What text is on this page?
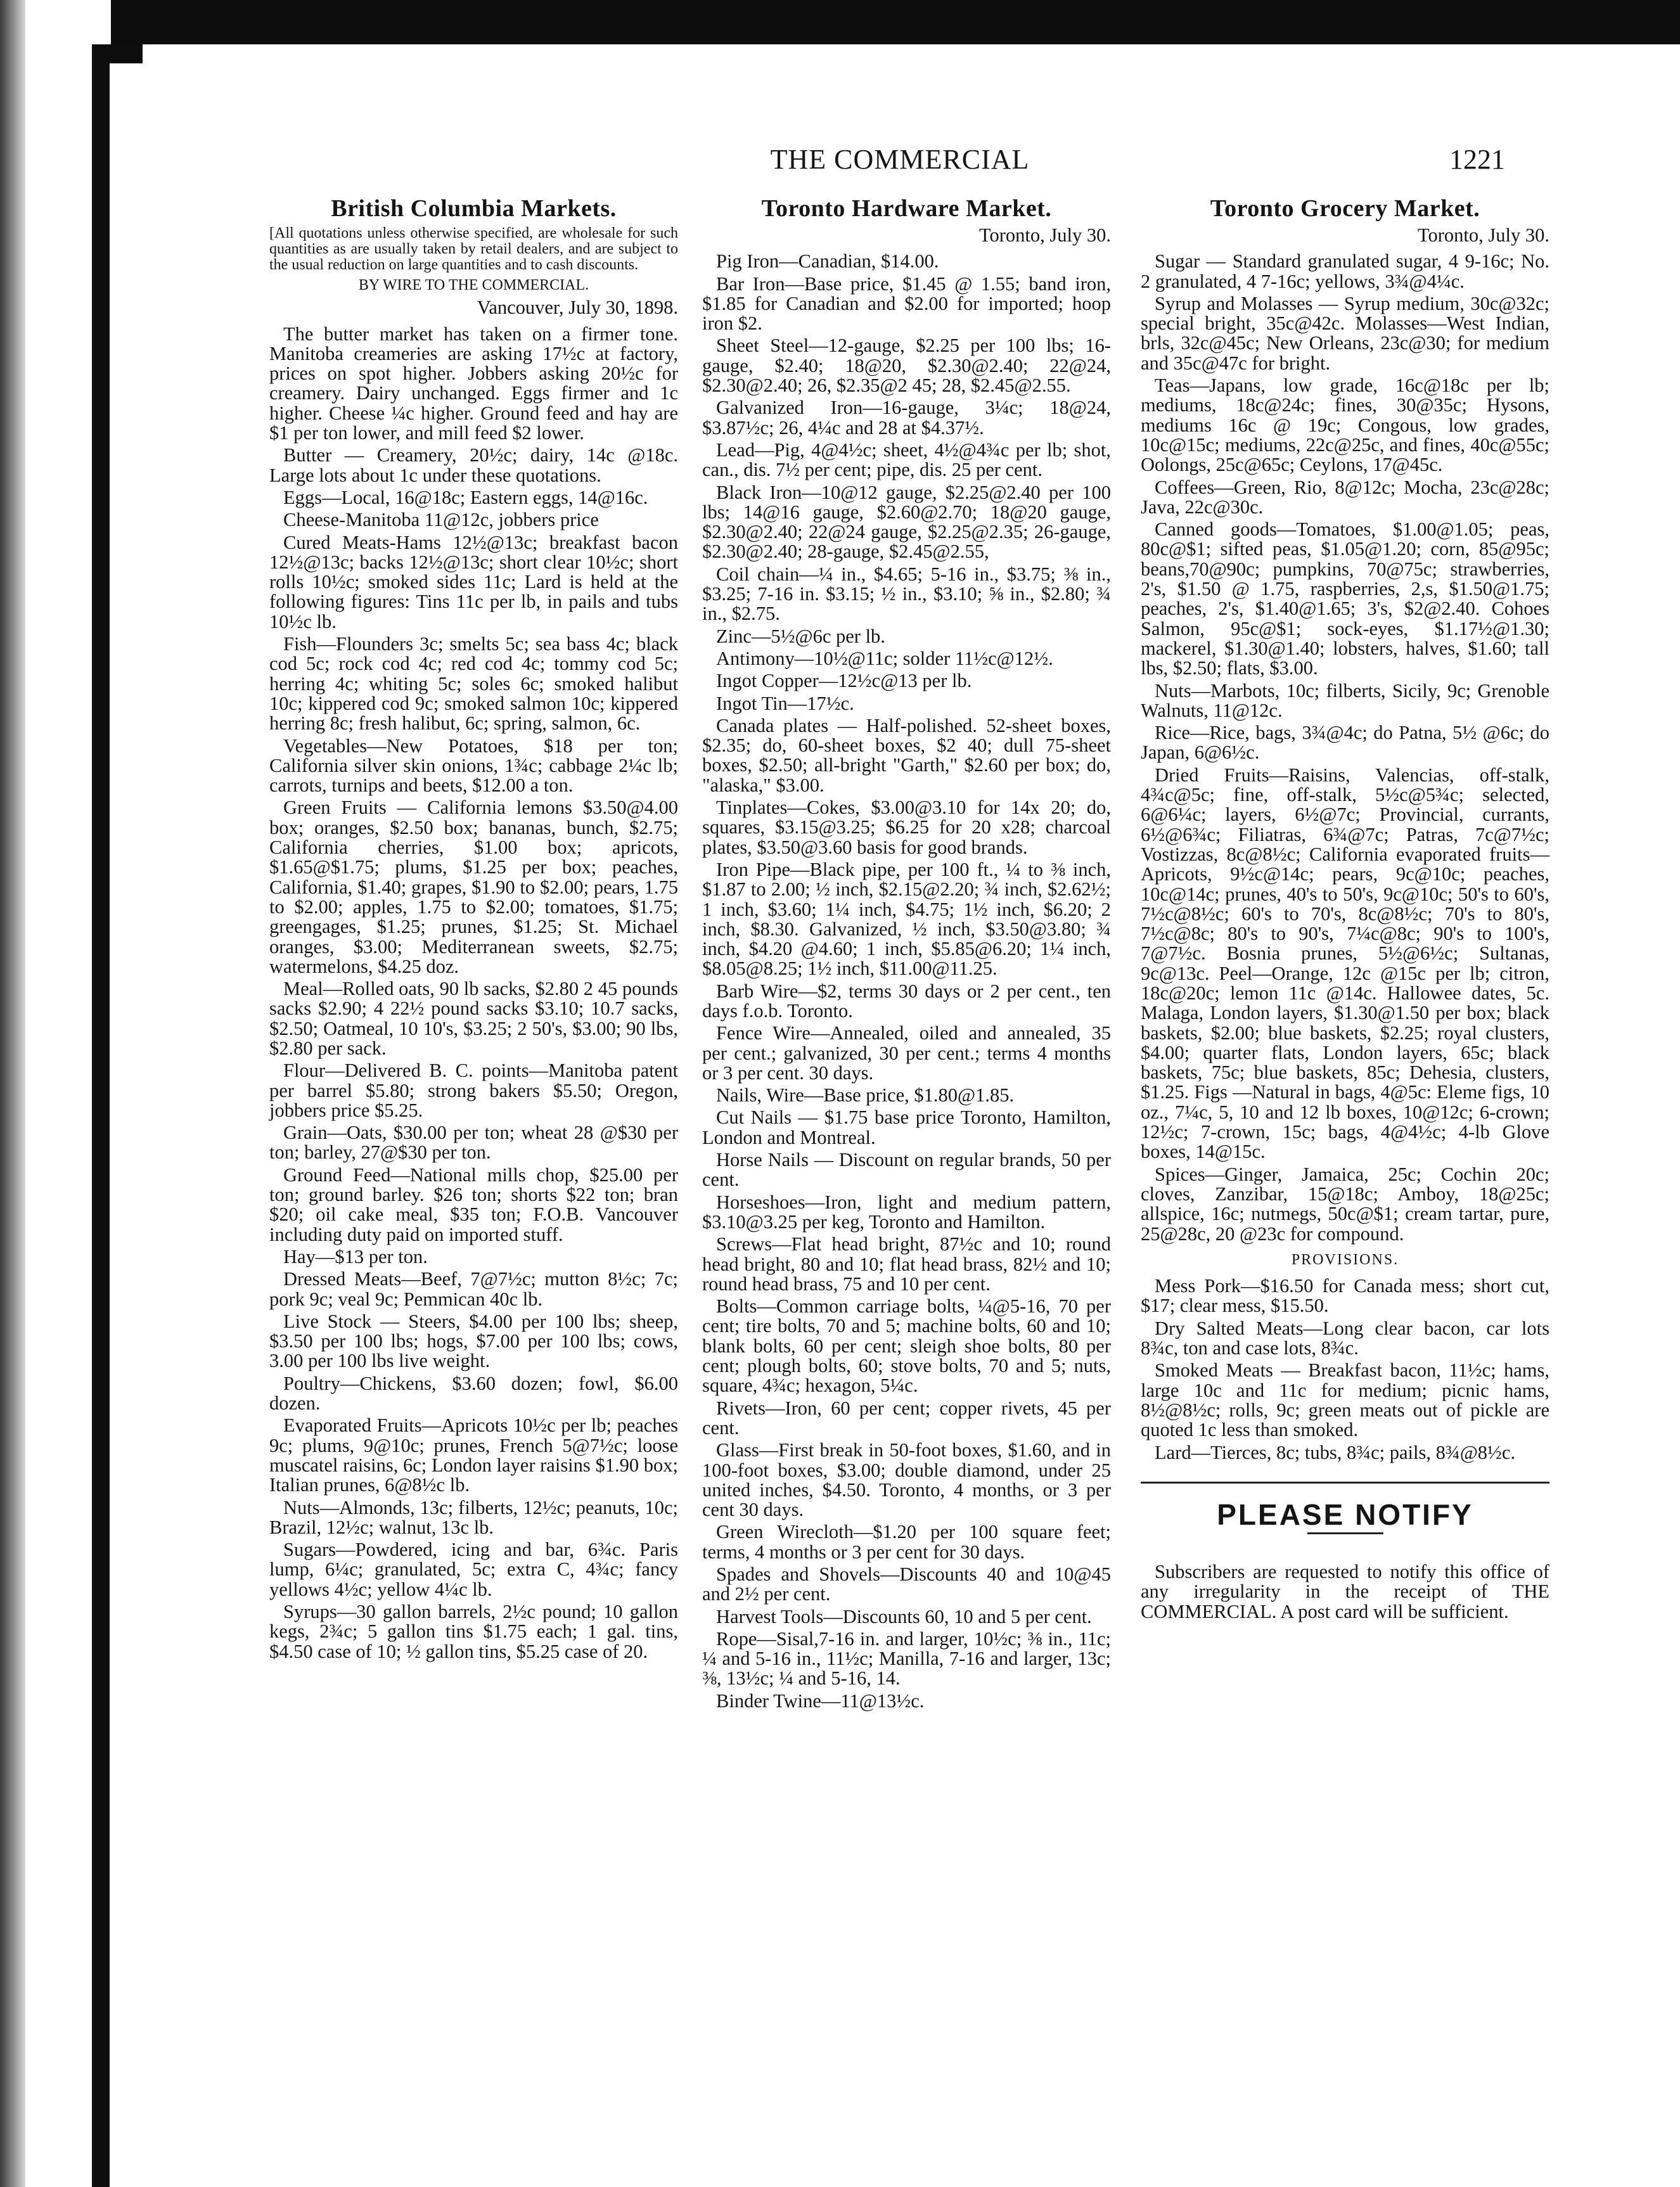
THE COMMERCIAL	1221
British Columbia Markets.

[All quotations unless otherwise specified, are wholesale for such quantities as are usually taken by retail dealers, and are subject to the usual reduction on large quantities and to cash discounts.

BY WIRE TO THE COMMERCIAL.

Vancouver, July 30, 1898.

The butter market has taken on a firmer tone. Manitoba creameries are asking 17½c at factory, prices on spot higher. Jobbers asking 20½c for creamery. Dairy unchanged. Eggs firmer and 1c higher. Cheese ¼c higher. Ground feed and hay are $1 per ton lower, and mill feed $2 lower.

Butter — Creamery, 20½c; dairy, 14c @18c. Large lots about 1c under these quotations.

Eggs—Local, 16@18c; Eastern eggs, 14@16c.

Cheese-Manitoba 11@12c, jobbers price

Cured Meats-Hams 12½@13c; breakfast bacon 12½@13c; backs 12½@13c; short clear 10½c; short rolls 10½c; smoked sides 11c; Lard is held at the following figures: Tins 11c per lb, in pails and tubs 10½c lb.

Fish—Flounders 3c; smelts 5c; sea bass 4c; black cod 5c; rock cod 4c; red cod 4c; tommy cod 5c; herring 4c; whiting 5c; soles 6c; smoked halibut 10c; kippered cod 9c; smoked salmon 10c; kippered herring 8c; fresh halibut, 6c; spring, salmon, 6c.

Vegetables—New Potatoes, $18 per ton; California silver skin onions, 1¾c; cabbage 2¼c lb; carrots, turnips and beets, $12.00 a ton.

Green Fruits — California lemons $3.50@4.00 box; oranges, $2.50 box; bananas, bunch, $2.75; California cherries, $1.00 box; apricots, $1.65@$1.75; plums, $1.25 per box; peaches, California, $1.40; grapes, $1.90 to $2.00; pears, 1.75 to $2.00; apples, 1.75 to $2.00; tomatoes, $1.75; greengages, $1.25; prunes, $1.25; St. Michael oranges, $3.00; Mediterranean sweets, $2.75; watermelons, $4.25 doz.

Meal—Rolled oats, 90 lb sacks, $2.80 2 45 pounds sacks $2.90; 4 22½ pound sacks $3.10; 10.7 sacks, $2.50; Oatmeal, 10 10's, $3.25; 2 50's, $3.00; 90 lbs, $2.80 per sack.

Flour—Delivered B. C. points—Manitoba patent per barrel $5.80; strong bakers $5.50; Oregon, jobbers price $5.25.

Grain—Oats, $30.00 per ton; wheat 28 @$30 per ton; barley, 27@$30 per ton.

Ground Feed—National mills chop, $25.00 per ton; ground barley. $26 ton; shorts $22 ton; bran $20; oil cake meal, $35 ton; F.O.B. Vancouver including duty paid on imported stuff.

Hay—$13 per ton.

Dressed Meats—Beef, 7@7½c; mutton 8½c; 7c; pork 9c; veal 9c; Pemmican 40c lb.

Live Stock — Steers, $4.00 per 100 lbs; sheep, $3.50 per 100 lbs; hogs, $7.00 per 100 lbs; cows, 3.00 per 100 lbs live weight.

Poultry—Chickens, $3.60 dozen; fowl, $6.00 dozen.

Evaporated Fruits—Apricots 10½c per lb; peaches 9c; plums, 9@10c; prunes, French 5@7½c; loose muscatel raisins, 6c; London layer raisins $1.90 box; Italian prunes, 6@8½c lb.

Nuts—Almonds, 13c; filberts, 12½c; peanuts, 10c; Brazil, 12½c; walnut, 13c lb.

Sugars—Powdered, icing and bar, 6¾c. Paris lump, 6¼c; granulated, 5c; extra C, 4¾c; fancy yellows 4½c; yellow 4¼c lb.

Syrups—30 gallon barrels, 2½c pound; 10 gallon kegs, 2¾c; 5 gallon tins $1.75 each; 1 gal. tins, $4.50 case of 10; ½ gallon tins, $5.25 case of 20.

Toronto Hardware Market.

Toronto, July 30.

Pig Iron—Canadian, $14.00.

Bar Iron—Base price, $1.45 @ 1.55; band iron, $1.85 for Canadian and $2.00 for imported; hoop iron $2.

Sheet Steel—12-gauge, $2.25 per 100 lbs; 16-gauge, $2.40; 18@20, $2.30@2.40; 22@24, $2.30@2.40; 26, $2.35@2 45; 28, $2.45@2.55.

Galvanized Iron—16-gauge, 3¼c; 18@24, $3.87½c; 26, 4¼c and 28 at $4.37½.

Lead—Pig, 4@4½c; sheet, 4½@4¾c per lb; shot, can., dis. 7½ per cent; pipe, dis. 25 per cent.

Black Iron—10@12 gauge, $2.25@2.40 per 100 lbs; 14@16 gauge, $2.60@2.70; 18@20 gauge, $2.30@2.40; 22@24 gauge, $2.25@2.35; 26-gauge, $2.30@2.40; 28-gauge, $2.45@2.55,

Coil chain—¼ in., $4.65; 5-16 in., $3.75; ⅜ in., $3.25; 7-16 in. $3.15; ½ in., $3.10; ⅝ in., $2.80; ¾ in., $2.75.

Zinc—5½@6c per lb.

Antimony—10½@11c; solder 11½c@12½.

Ingot Copper—12½c@13 per lb.

Ingot Tin—17½c.

Canada plates — Half-polished. 52-sheet boxes, $2.35; do, 60-sheet boxes, $2 40; dull 75-sheet boxes, $2.50; all-bright "Garth," $2.60 per box; do, "alaska," $3.00.

Tinplates—Cokes, $3.00@3.10 for 14x 20; do, squares, $3.15@3.25; $6.25 for 20 x28; charcoal plates, $3.50@3.60 basis for good brands.

Iron Pipe—Black pipe, per 100 ft., ¼ to ⅜ inch, $1.87 to 2.00; ½ inch, $2.15@2.20; ¾ inch, $2.62½; 1 inch, $3.60; 1¼ inch, $4.75; 1½ inch, $6.20; 2 inch, $8.30. Galvanized, ½ inch, $3.50@3.80; ¾ inch, $4.20 @4.60; 1 inch, $5.85@6.20; 1¼ inch, $8.05@8.25; 1½ inch, $11.00@11.25.

Barb Wire—$2, terms 30 days or 2 per cent., ten days f.o.b. Toronto.

Fence Wire—Annealed, oiled and annealed, 35 per cent.; galvanized, 30 per cent.; terms 4 months or 3 per cent. 30 days.

Nails, Wire—Base price, $1.80@1.85.

Cut Nails — $1.75 base price Toronto, Hamilton, London and Montreal.

Horse Nails — Discount on regular brands, 50 per cent.

Horseshoes—Iron, light and medium pattern, $3.10@3.25 per keg, Toronto and Hamilton.

Screws—Flat head bright, 87½c and 10; round head bright, 80 and 10; flat head brass, 82½ and 10; round head brass, 75 and 10 per cent.

Bolts—Common carriage bolts, ¼@5-16, 70 per cent; tire bolts, 70 and 5; machine bolts, 60 and 10; blank bolts, 60 per cent; sleigh shoe bolts, 80 per cent; plough bolts, 60; stove bolts, 70 and 5; nuts, square, 4¾c; hexagon, 5¼c.

Rivets—Iron, 60 per cent; copper rivets, 45 per cent.

Glass—First break in 50-foot boxes, $1.60, and in 100-foot boxes, $3.00; double diamond, under 25 united inches, $4.50. Toronto, 4 months, or 3 per cent 30 days.

Green Wirecloth—$1.20 per 100 square feet; terms, 4 months or 3 per cent for 30 days.

Spades and Shovels—Discounts 40 and 10@45 and 2½ per cent.

Harvest Tools—Discounts 60, 10 and 5 per cent.

Rope—Sisal,7-16 in. and larger, 10½c; ⅜ in., 11c; ¼ and 5-16 in., 11½c; Manilla, 7-16 and larger, 13c; ⅜, 13½c; ¼ and 5-16, 14.

Binder Twine—11@13½c.

Toronto Grocery Market.

Toronto, July 30.

Sugar — Standard granulated sugar, 4 9-16c; No. 2 granulated, 4 7-16c; yellows, 3¾@4¼c.

Syrup and Molasses — Syrup medium, 30c@32c; special bright, 35c@42c. Molasses—West Indian, brls, 32c@45c; New Orleans, 23c@30; for medium and 35c@47c for bright.

Teas—Japans, low grade, 16c@18c per lb; mediums, 18c@24c; fines, 30@35c; Hysons, mediums 16c @ 19c; Congous, low grades, 10c@15c; mediums, 22c@25c, and fines, 40c@55c; Oolongs, 25c@65c; Ceylons, 17@45c.

Coffees—Green, Rio, 8@12c; Mocha, 23c@28c; Java, 22c@30c.

Canned goods—Tomatoes, $1.00@1.05; peas, 80c@$1; sifted peas, $1.05@1.20; corn, 85@95c; beans,70@90c; pumpkins, 70@75c; strawberries, 2's, $1.50 @ 1.75, raspberries, 2,s, $1.50@1.75; peaches, 2's, $1.40@1.65; 3's, $2@2.40. Cohoes Salmon, 95c@$1; sock-eyes, $1.17½@1.30; mackerel, $1.30@1.40; lobsters, halves, $1.60; tall lbs, $2.50; flats, $3.00.

Nuts—Marbots, 10c; filberts, Sicily, 9c; Grenoble Walnuts, 11@12c.

Rice—Rice, bags, 3¾@4c; do Patna, 5½ @6c; do Japan, 6@6½c.

Dried Fruits—Raisins, Valencias, off-stalk, 4¾c@5c; fine, off-stalk, 5½c@5¾c; selected, 6@6¼c; layers, 6½@7c; Provincial, currants, 6½@6¾c; Filiatras, 6¾@7c; Patras, 7c@7½c; Vostizzas, 8c@8½c; California evaporated fruits—Apricots, 9½c@14c; pears, 9c@10c; peaches, 10c@14c; prunes, 40's to 50's, 9c@10c; 50's to 60's, 7½c@8½c; 60's to 70's, 8c@8½c; 70's to 80's, 7½c@8c; 80's to 90's, 7¼c@8c; 90's to 100's, 7@7½c. Bosnia prunes, 5½@6½c; Sultanas, 9c@13c. Peel—Orange, 12c @15c per lb; citron, 18c@20c; lemon 11c @14c. Hallowee dates, 5c. Malaga, London layers, $1.30@1.50 per box; black baskets, $2.00; blue baskets, $2.25; royal clusters, $4.00; quarter flats, London layers, 65c; black baskets, 75c; blue baskets, 85c; Dehesia, clusters, $1.25. Figs —Natural in bags, 4@5c: Eleme figs, 10 oz., 7¼c, 5, 10 and 12 lb boxes, 10@12c; 6-crown; 12½c; 7-crown, 15c; bags, 4@4½c; 4-lb Glove boxes, 14@15c.

Spices—Ginger, Jamaica, 25c; Cochin 20c; cloves, Zanzibar, 15@18c; Amboy, 18@25c; allspice, 16c; nutmegs, 50c@$1; cream tartar, pure, 25@28c, 20 @23c for compound.

PROVISIONS.

Mess Pork—$16.50 for Canada mess; short cut, $17; clear mess, $15.50.

Dry Salted Meats—Long clear bacon, car lots 8¾c, ton and case lots, 8¾c.

Smoked Meats — Breakfast bacon, 11½c; hams, large 10c and 11c for medium; picnic hams, 8½@8½c; rolls, 9c; green meats out of pickle are quoted 1c less than smoked.

Lard—Tierces, 8c; tubs, 8¾c; pails, 8¾@8½c.

PLEASE NOTIFY

Subscribers are requested to notify this office of any irregularity in the receipt of THE COMMERCIAL. A post card will be sufficient.
